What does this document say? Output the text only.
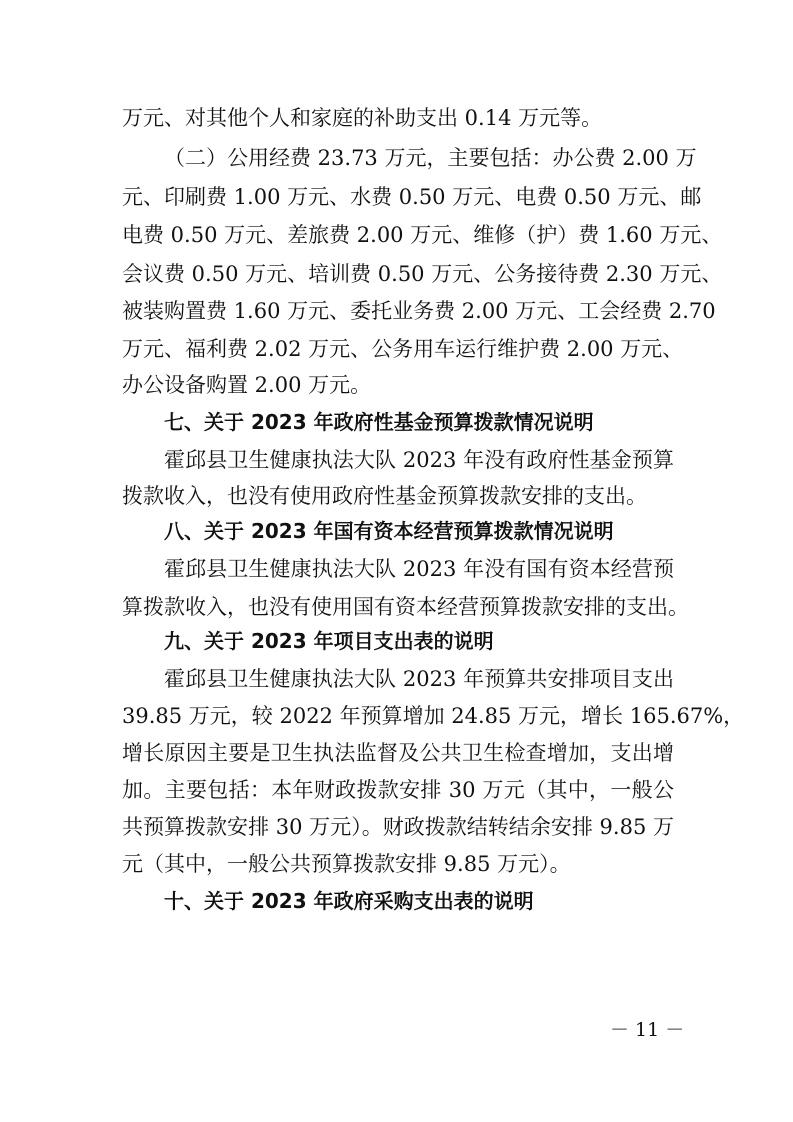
万元、对其他个人和家庭的补助支出 0.14 万元等。
（二）公用经费 23.73 万元，主要包括：办公费 2.00 万
元、印刷费 1.00 万元、水费 0.50 万元、电费 0.50 万元、邮
电费 0.50 万元、差旅费 2.00 万元、维修（护）费 1.60 万元、
会议费 0.50 万元、培训费 0.50 万元、公务接待费 2.30 万元、
被装购置费 1.60 万元、委托业务费 2.00 万元、工会经费 2.70
万元、福利费 2.02 万元、公务用车运行维护费 2.00 万元、
办公设备购置 2.00 万元。
七、关于 2023 年政府性基金预算拨款情况说明
霍邱县卫生健康执法大队 2023 年没有政府性基金预算
拨款收入，也没有使用政府性基金预算拨款安排的支出。
八、关于 2023 年国有资本经营预算拨款情况说明
霍邱县卫生健康执法大队 2023 年没有国有资本经营预
算拨款收入，也没有使用国有资本经营预算拨款安排的支出。
九、关于 2023 年项目支出表的说明
霍邱县卫生健康执法大队 2023 年预算共安排项目支出
39.85 万元，较 2022 年预算增加 24.85 万元，增长 165.67%，
增长原因主要是卫生执法监督及公共卫生检查增加，支出增
加。主要包括：本年财政拨款安排 30 万元（其中，一般公
共预算拨款安排 30 万元）。财政拨款结转结余安排 9.85 万
元（其中，一般公共预算拨款安排 9.85 万元）。
十、关于 2023 年政府采购支出表的说明
－ 11 －
